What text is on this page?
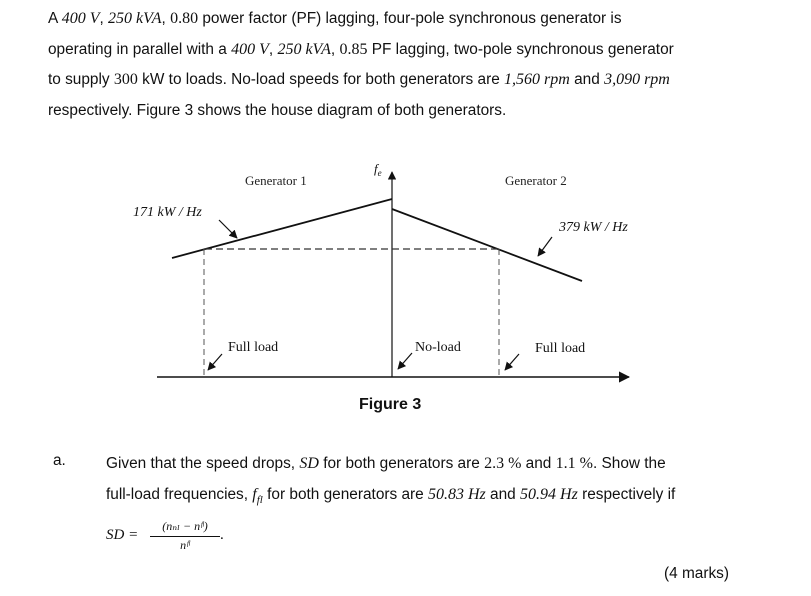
A 400 V, 250 kVA, 0.80 power factor (PF) lagging, four-pole synchronous generator is

operating in parallel with a 400 V, 250 kVA, 0.85 PF lagging, two-pole synchronous generator

to supply 300 kW to loads. No-load speeds for both generators are 1,560 rpm and 3,090 rpm

respectively. Figure 3 shows the house diagram of both generators.

$f_e$
Generator 1	Generator 2
171 kW / Hz
379 kW / Hz
Full load	No-load	Full load
Figure 3
a.	Given that the speed drops, SD for both generators are 2.3 % and 1.1 %. Show the

full-load frequencies, $f_{fl}$ for both generators are 50.83 Hz and 50.94 Hz respectively if

SD =
(nₙₗ − nᶠˡ)
nᶠˡ
.
(4 marks)
